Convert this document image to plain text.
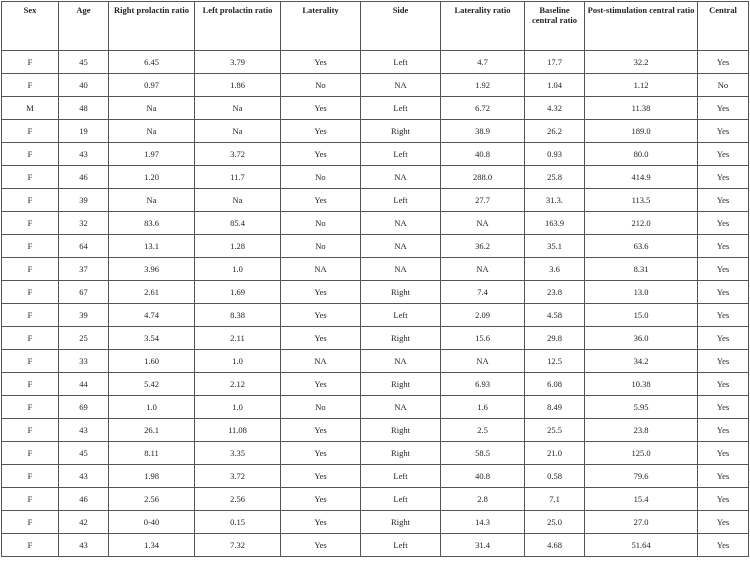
Sex	Age	Right prolactin ratio	Left prolactin ratio	Laterality	Side	Laterality ratio	Baseline central ratio	Post-stimulation central ratio	Central
F	45	6.45	3.79	Yes	Left	4.7	17.7	32.2	Yes
F	40	0.97	1.86	No	NA	1.92	1.04	1.12	No
M	48	Na	Na	Yes	Left	6.72	4.32	11.38	Yes
F	19	Na	Na	Yes	Right	38.9	26.2	189.0	Yes
F	43	1.97	3.72	Yes	Left	40.8	0.93	80.0	Yes
F	46	1.20	11.7	No	NA	288.0	25.8	414.9	Yes
F	39	Na	Na	Yes	Left	27.7	31.3.	113.5	Yes
F	32	83.6	85.4	No	NA	NA	163.9	212.0	Yes
F	64	13.1	1.28	No	NA	36.2	35.1	63.6	Yes
F	37	3.96	1.0	NA	NA	NA	3.6	8.31	Yes
F	67	2.61	1.69	Yes	Right	7.4	23.8	13.0	Yes
F	39	4.74	8.38	Yes	Left	2.09	4.58	15.0	Yes
F	25	3.54	2.11	Yes	Right	15.6	29.8	36.0	Yes
F	33	1.60	1.0	NA	NA	NA	12.5	34.2	Yes
F	44	5.42	2.12	Yes	Right	6.93	6.08	10.38	Yes
F	69	1.0	1.0	No	NA	1.6	8.49	5.95	Yes
F	43	26.1	11.08	Yes	Right	2.5	25.5	23.8	Yes
F	45	8.11	3.35	Yes	Right	58.5	21.0	125.0	Yes
F	43	1.98	3.72	Yes	Left	40.8	0.58	79.6	Yes
F	46	2.56	2.56	Yes	Left	2.8	7.1	15.4	Yes
F	42	0-40	0.15	Yes	Right	14.3	25.0	27.0	Yes
F	43	1.34	7.32	Yes	Left	31.4	4.68	51.64	Yes
